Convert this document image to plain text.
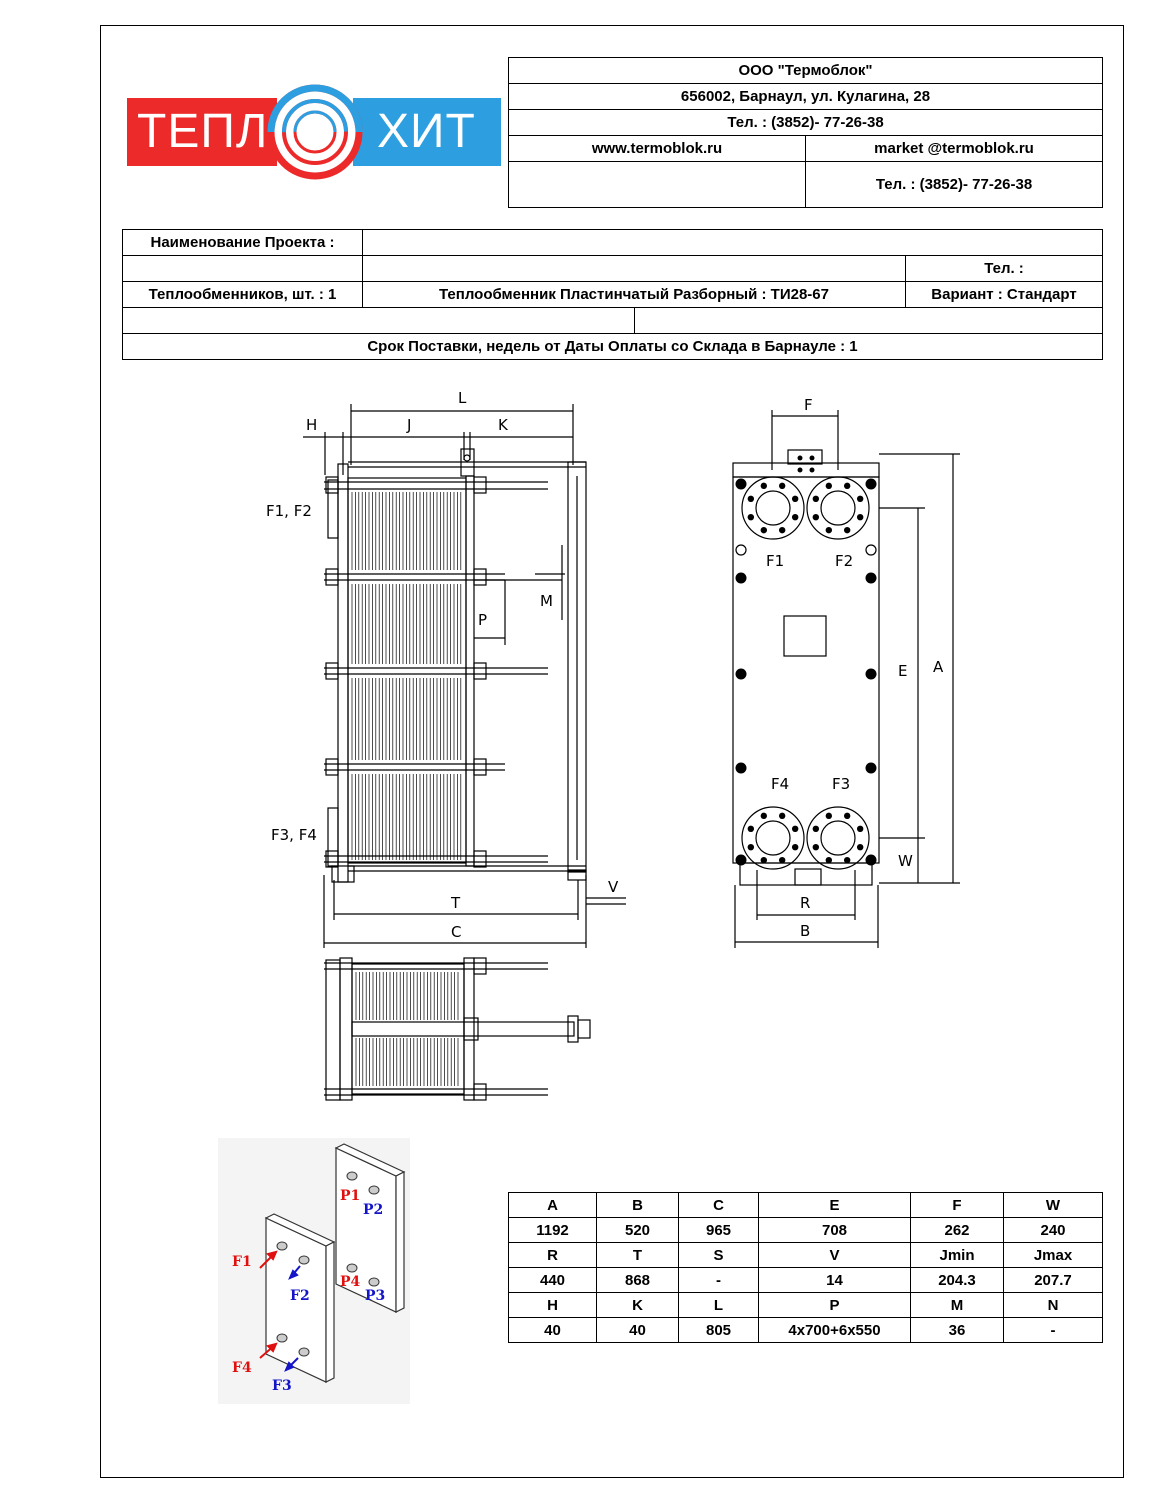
ТЕПЛ ХИТ
ООО "Термоблок"	
656002, Барнаул, ул. Кулагина, 28	
Тел. : (3852)- 77-26-38	
www.termoblok.ru	market @termoblok.ru
	Тел. : (3852)- 77-26-38
Наименование Проекта :			
			Тел. :
Теплообменников, шт. : 1	Теплообменник Пластинчатый Разборный : ТИ28-67		Вариант : Стандарт

Срок Поставки, недель от Даты Оплаты со Склада в Барнауле : 1			
L
H	J	K
F1, F2
F3, F4
P
M
T
C
V
F
A
E
W
R
B
F1	F2
F4	F3
P1
P2
P4
P3
F1
F2
F4
F3
A	B	C	E	F	W
1192	520	965	708	262	240
R	T	S	V	Jmin	Jmax
440	868	-	14	204.3	207.7
H	K	L	P	M	N
40	40	805	4x700+6x550	36	-
